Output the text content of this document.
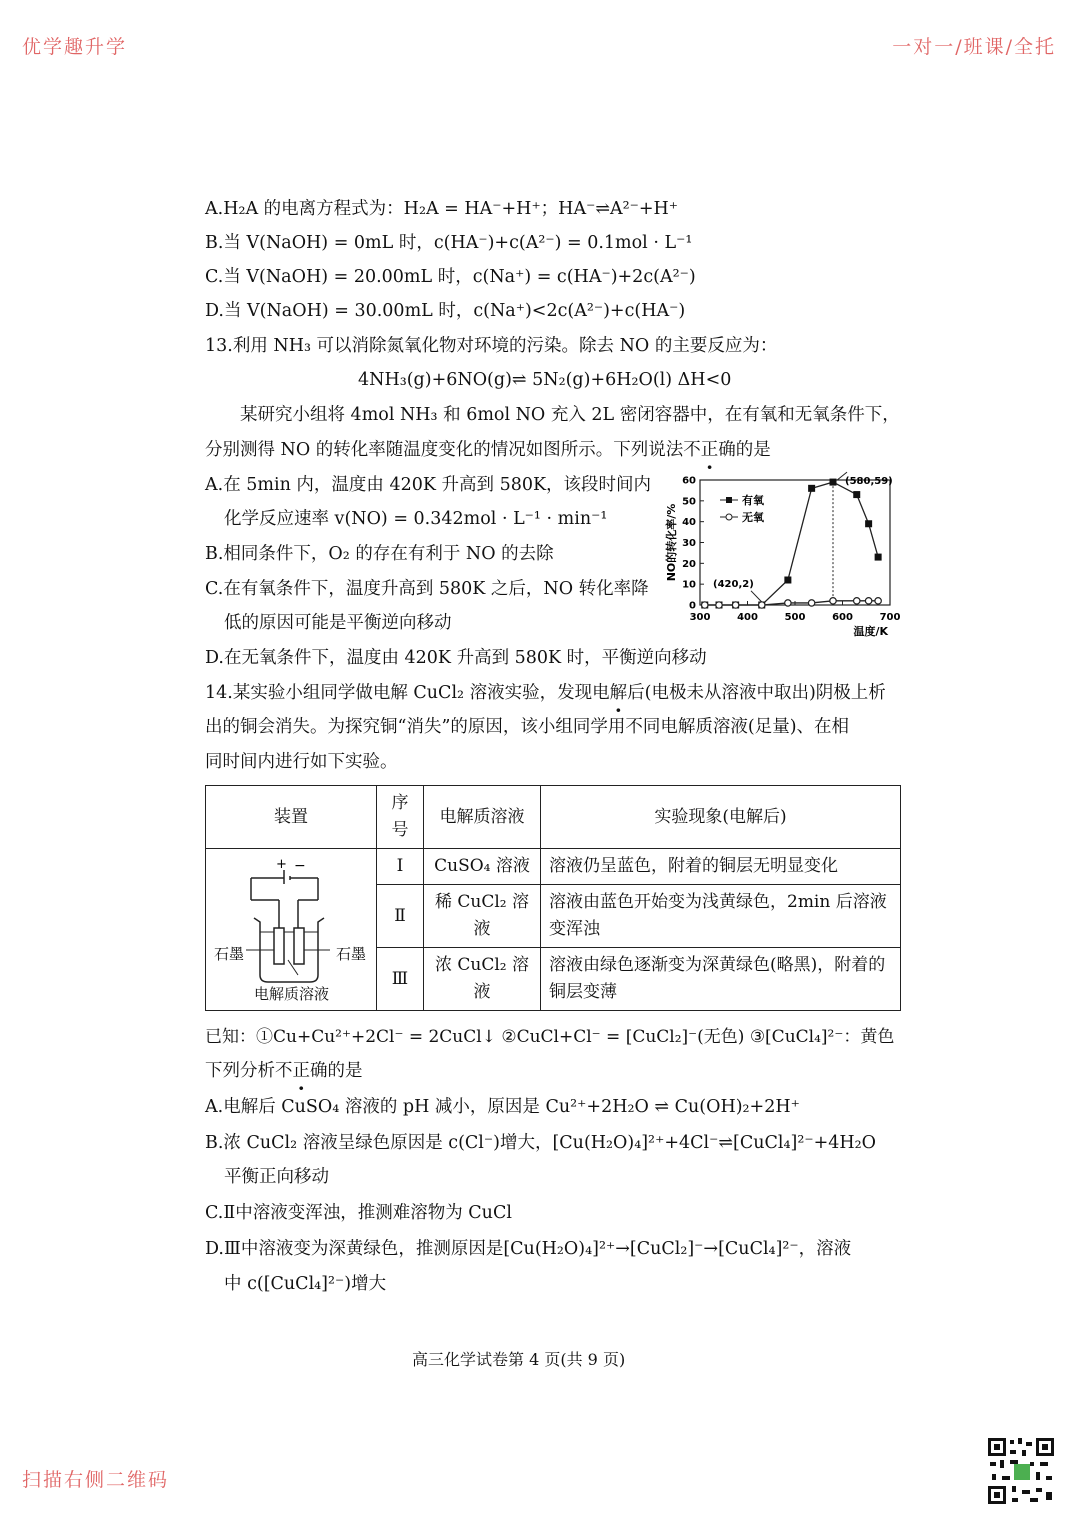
优学趣升学	一对一/班课/全托
扫描右侧二维码
A.H₂A 的电离方程式为：H₂A = HA⁻+H⁺；HA⁻⇌A²⁻+H⁺
B.当 V(NaOH) = 0mL 时，c(HA⁻)+c(A²⁻) = 0.1mol · L⁻¹
C.当 V(NaOH) = 20.00mL 时，c(Na⁺) = c(HA⁻)+2c(A²⁻)
D.当 V(NaOH) = 30.00mL 时，c(Na⁺)<2c(A²⁻)+c(HA⁻)
13.利用 NH₃ 可以消除氮氧化物对环境的污染。除去 NO 的主要反应为：
4NH₃(g)+6NO(g)⇌ 5N₂(g)+6H₂O(l) ΔH<0
某研究小组将 4mol NH₃ 和 6mol NO 充入 2L 密闭容器中，在有氧和无氧条件下，
分别测得 NO 的转化率随温度变化的情况如图所示。下列说法不正确的是
A.在 5min 内，温度由 420K 升高到 580K，该段时间内
化学反应速率 v(NO) = 0.342mol · L⁻¹ · min⁻¹
B.相同条件下，O₂ 的存在有利于 NO 的去除
C.在有氧条件下，温度升高到 580K 之后，NO 转化率降
低的原因可能是平衡逆向移动
D.在无氧条件下，温度由 420K 升高到 580K 时，平衡逆向移动
300	400	500	600	700
0
10
20
30
40
50
60
温度/K
NO的转化率/%
有氧
无氧
(580,59)
(420,2)
14.某实验小组同学做电解 CuCl₂ 溶液实验，发现电解后(电极未从溶液中取出)阴极上析
出的铜会消失。为探究铜“消失”的原因，该小组同学用不同电解质溶液(足量)、在相
同时间内进行如下实验。
装置	序号	电解质溶液	实验现象(电解后)

+ −
石墨 石墨
电解质溶液	Ⅰ	CuSO₄ 溶液	溶液仍呈蓝色，附着的铜层无明显变化
	Ⅱ	稀 CuCl₂ 溶液	溶液由蓝色开始变为浅黄绿色，2min 后溶液变浑浊
	Ⅲ	浓 CuCl₂ 溶液	溶液由绿色逐渐变为深黄绿色(略黑)，附着的铜层变薄
已知：①Cu+Cu²⁺+2Cl⁻ = 2CuCl↓ ②CuCl+Cl⁻ = [CuCl₂]⁻(无色) ③[CuCl₄]²⁻：黄色
下列分析不正确的是
A.电解后 CuSO₄ 溶液的 pH 减小，原因是 Cu²⁺+2H₂O ⇌ Cu(OH)₂+2H⁺
B.浓 CuCl₂ 溶液呈绿色原因是 c(Cl⁻)增大，[Cu(H₂O)₄]²⁺+4Cl⁻⇌[CuCl₄]²⁻+4H₂O
平衡正向移动
C.Ⅱ中溶液变浑浊，推测难溶物为 CuCl
D.Ⅲ中溶液变为深黄绿色，推测原因是[Cu(H₂O)₄]²⁺→[CuCl₂]⁻→[CuCl₄]²⁻，溶液
中 c([CuCl₄]²⁻)增大
高三化学试卷第 4 页(共 9 页)
